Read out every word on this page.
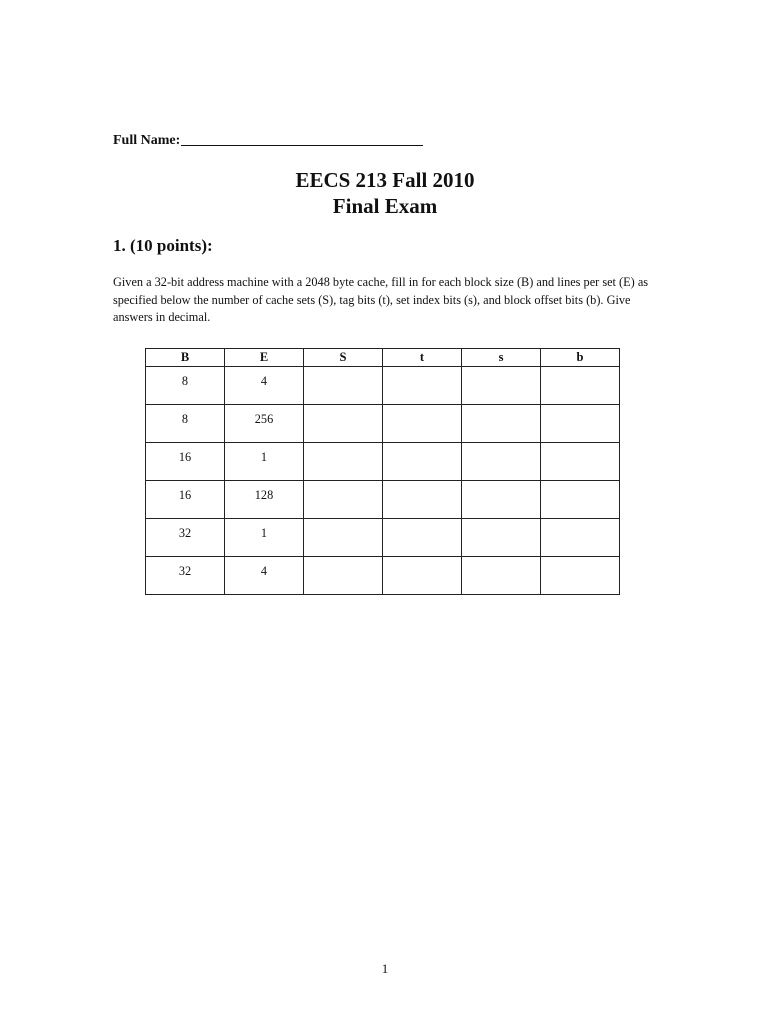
Full Name:
EECS 213 Fall 2010
Final Exam
1. (10 points):
Given a 32-bit address machine with a 2048 byte cache, fill in for each block size (B) and lines per set (E) as specified below the number of cache sets (S), tag bits (t), set index bits (s), and block offset bits (b). Give answers in decimal.
B	E	S	t	s	b
8	4				
8	256				
16	1				
16	128				
32	1				
32	4				
1
